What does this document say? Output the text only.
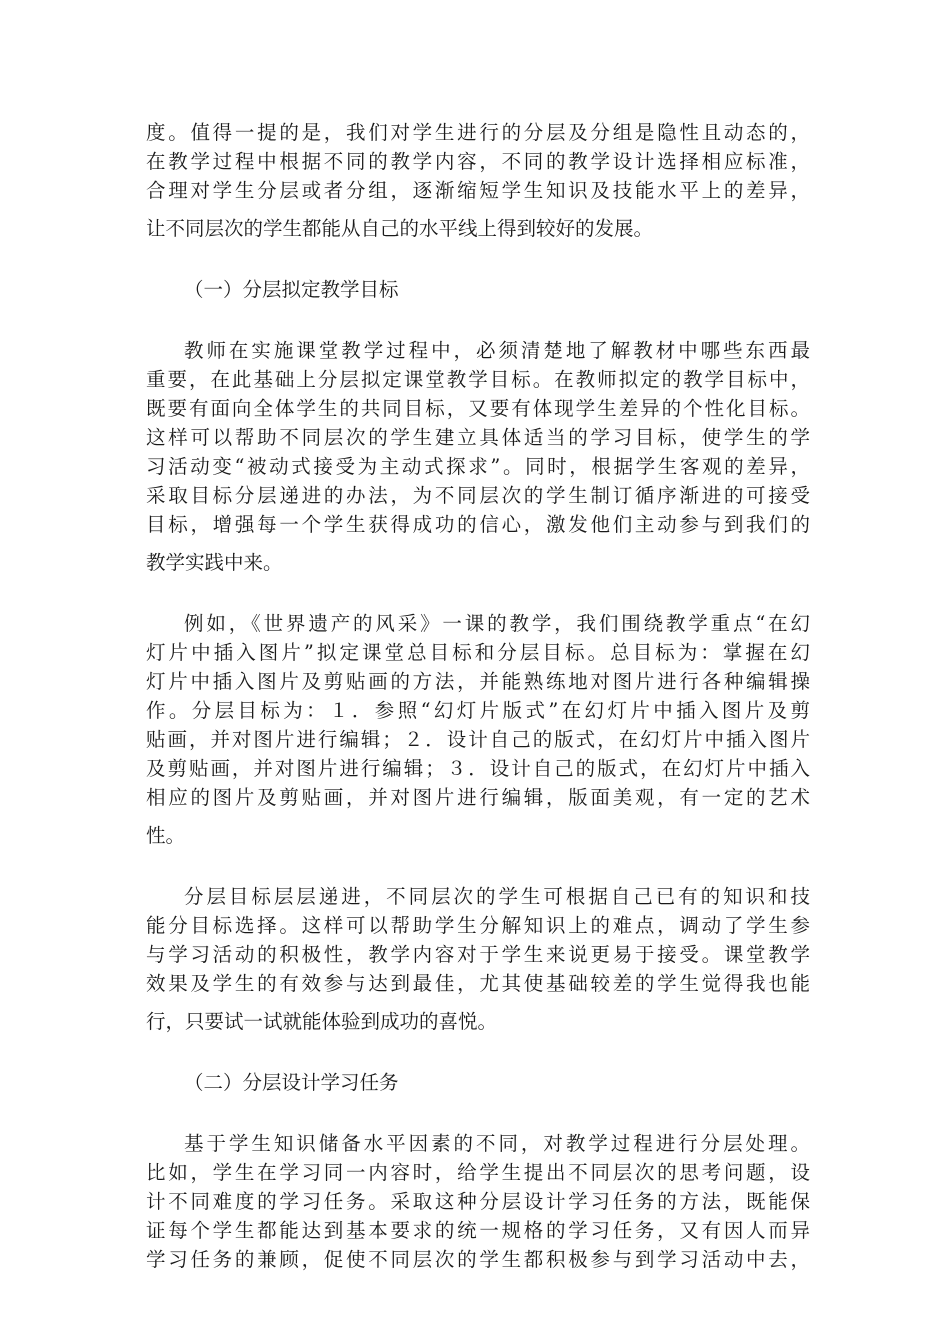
度。值得一提的是，我们对学生进行的分层及分组是隐性且动态的，
在教学过程中根据不同的教学内容，不同的教学设计选择相应标准，
合理对学生分层或者分组，逐渐缩短学生知识及技能水平上的差异，
让不同层次的学生都能从自己的水平线上得到较好的发展。
（一）分层拟定教学目标
教师在实施课堂教学过程中，必须清楚地了解教材中哪些东西最
重要，在此基础上分层拟定课堂教学目标。在教师拟定的教学目标中，
既要有面向全体学生的共同目标，又要有体现学生差异的个性化目标。
这样可以帮助不同层次的学生建立具体适当的学习目标，使学生的学
习活动变“被动式接受为主动式探求”。同时，根据学生客观的差异，
采取目标分层递进的办法，为不同层次的学生制订循序渐进的可接受
目标，增强每一个学生获得成功的信心，激发他们主动参与到我们的
教学实践中来。
例如，《世界遗产的风采》一课的教学，我们围绕教学重点“在幻
灯片中插入图片”拟定课堂总目标和分层目标。总目标为：掌握在幻
灯片中插入图片及剪贴画的方法，并能熟练地对图片进行各种编辑操
作。分层目标为：１．参照“幻灯片版式”在幻灯片中插入图片及剪
贴画，并对图片进行编辑；２．设计自己的版式，在幻灯片中插入图片
及剪贴画，并对图片进行编辑；３．设计自己的版式，在幻灯片中插入
相应的图片及剪贴画，并对图片进行编辑，版面美观，有一定的艺术
性。
分层目标层层递进，不同层次的学生可根据自己已有的知识和技
能分目标选择。这样可以帮助学生分解知识上的难点，调动了学生参
与学习活动的积极性，教学内容对于学生来说更易于接受。课堂教学
效果及学生的有效参与达到最佳，尤其使基础较差的学生觉得我也能
行，只要试一试就能体验到成功的喜悦。
（二）分层设计学习任务
基于学生知识储备水平因素的不同，对教学过程进行分层处理。
比如，学生在学习同一内容时，给学生提出不同层次的思考问题，设
计不同难度的学习任务。采取这种分层设计学习任务的方法，既能保
证每个学生都能达到基本要求的统一规格的学习任务，又有因人而异
学习任务的兼顾，促使不同层次的学生都积极参与到学习活动中去，
